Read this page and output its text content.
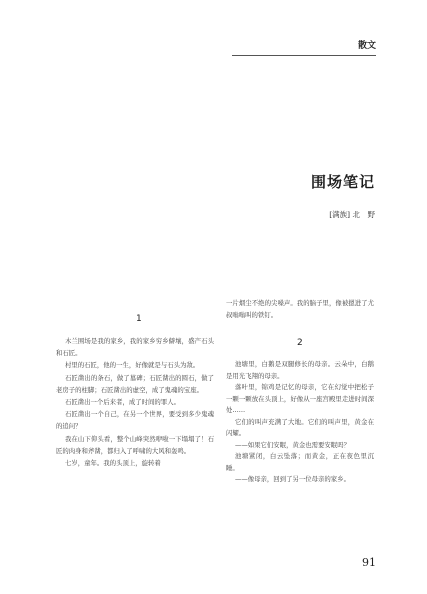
散文
围场笔记
[满族] 北　野
1

木兰围场是我的家乡，我的家乡穷乡僻壤，盛产石头和石匠。

村里的石匠，他的一生，好像就是与石头为敌。

石匠凿出的条石，做了墓碑；石匠凿出的圆石，做了老房子的柱脚；石匠凿出的虚空，成了鬼魂的宝座。

石匠凿出一个后来者，成了时间的罪人。

石匠凿出一个自己，在另一个世界，要受到多少鬼魂的追问？

我在山下仰头看，整个山峰突然咿啦一下塌塌了！石匠的肉身和斧凿，都归入了呼啸的大风和轰鸣。

七岁，童年。我的头顶上，旋转着

一片烟尘不绝的尖嗓声。我的脑子里，像被摁进了尤叔嗡嗡叫的铁钉。

2

池塘里，白鹅是双腿修长的母亲。云朵中，白鹅是用光飞翔的母亲。

落叶里，锦鸡是记忆的母亲，它在幻觉中把松子一颗一颗放在头顶上，好像从一座宫殿里走进时间深处……

它们的叫声充满了大地。它们的叫声里，黄金在闪耀。

——如果它们安眠，黄金也需要安眠吗？

池塘紧闭，白云坠落；而黄金，正在夜色里沉睡。

——像母亲，回到了另一位母亲的家乡。

91
